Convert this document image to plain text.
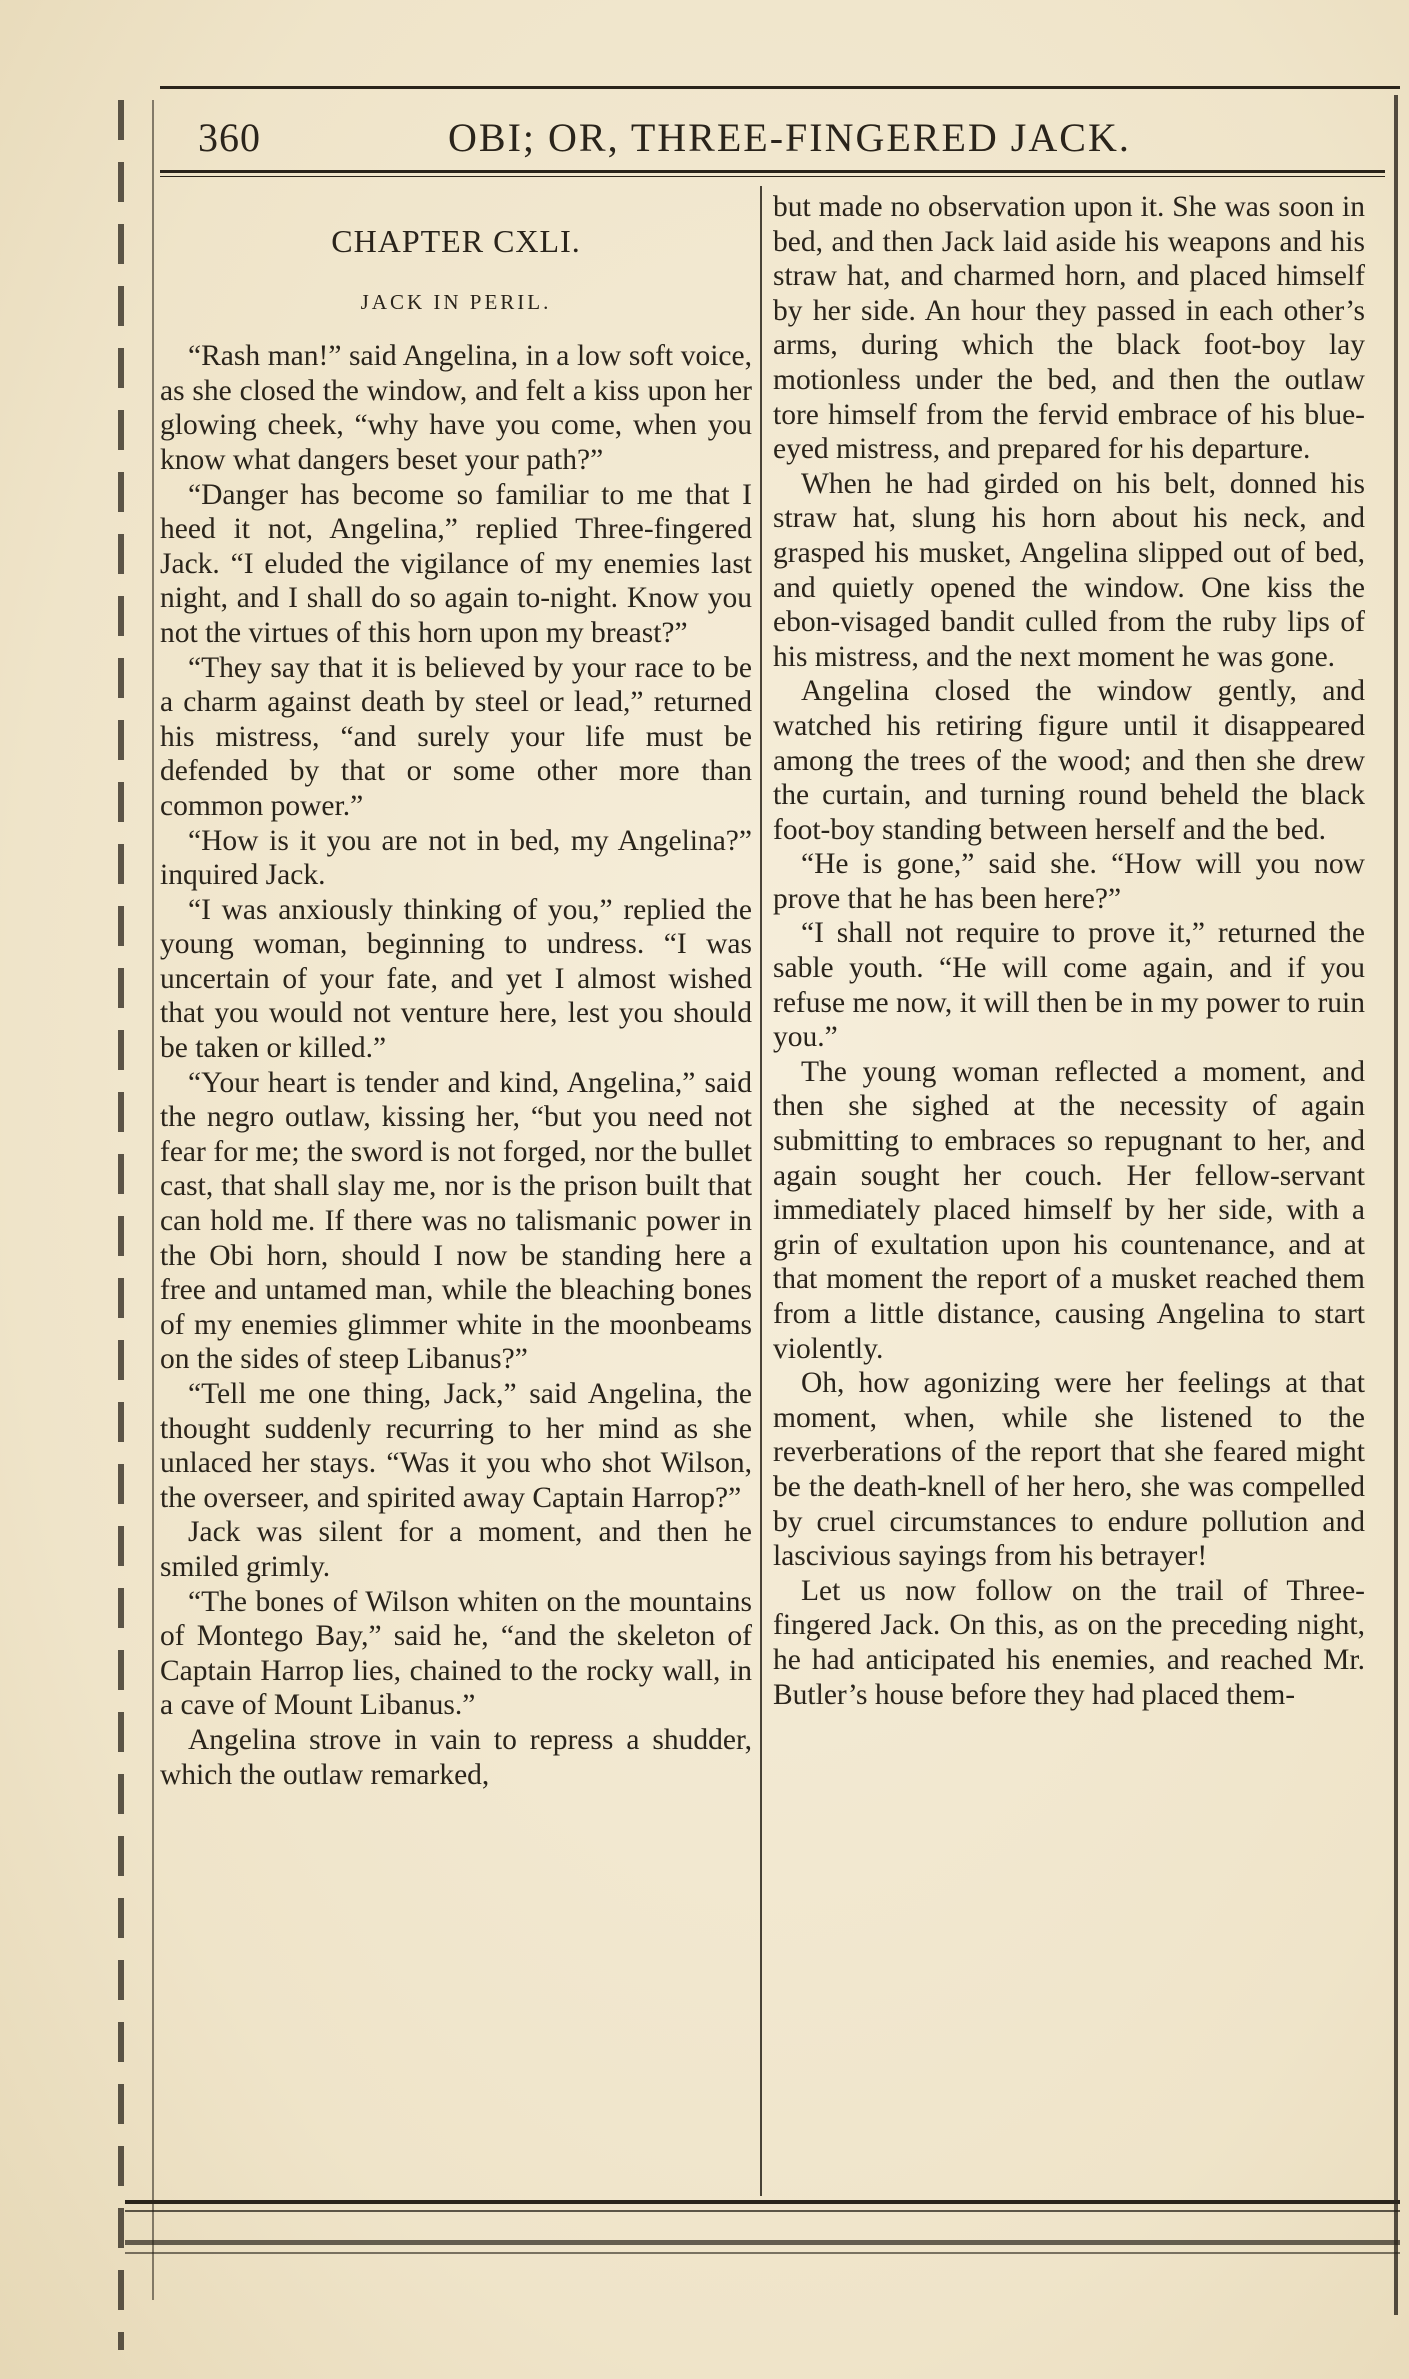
360	OBI; OR, THREE-FINGERED JACK.
CHAPTER CXLI.
JACK IN PERIL.

“Rash man!” said Angelina, in a low soft voice, as she closed the window, and felt a kiss upon her glowing cheek, “why have you come, when you know what dangers beset your path?”

“Danger has become so familiar to me that I heed it not, Angelina,” replied Three-fingered Jack. “I eluded the vigilance of my enemies last night, and I shall do so again to-night. Know you not the virtues of this horn upon my breast?”

“They say that it is believed by your race to be a charm against death by steel or lead,” returned his mistress, “and surely your life must be defended by that or some other more than common power.”

“How is it you are not in bed, my Angelina?” inquired Jack.

“I was anxiously thinking of you,” replied the young woman, beginning to undress. “I was uncertain of your fate, and yet I almost wished that you would not venture here, lest you should be taken or killed.”

“Your heart is tender and kind, Angelina,” said the negro outlaw, kissing her, “but you need not fear for me; the sword is not forged, nor the bullet cast, that shall slay me, nor is the prison built that can hold me. If there was no talismanic power in the Obi horn, should I now be standing here a free and untamed man, while the bleaching bones of my enemies glimmer white in the moonbeams on the sides of steep Libanus?”

“Tell me one thing, Jack,” said Angelina, the thought suddenly recurring to her mind as she unlaced her stays. “Was it you who shot Wilson, the overseer, and spirited away Captain Harrop?”

Jack was silent for a moment, and then he smiled grimly.

“The bones of Wilson whiten on the mountains of Montego Bay,” said he, “and the skeleton of Captain Harrop lies, chained to the rocky wall, in a cave of Mount Libanus.”

Angelina strove in vain to repress a shudder, which the outlaw remarked,

but made no observation upon it. She was soon in bed, and then Jack laid aside his weapons and his straw hat, and charmed horn, and placed himself by her side. An hour they passed in each other’s arms, during which the black foot-boy lay motionless under the bed, and then the outlaw tore himself from the fervid embrace of his blue-eyed mistress, and prepared for his departure.

When he had girded on his belt, donned his straw hat, slung his horn about his neck, and grasped his musket, Angelina slipped out of bed, and quietly opened the window. One kiss the ebon-visaged bandit culled from the ruby lips of his mistress, and the next moment he was gone.

Angelina closed the window gently, and watched his retiring figure until it disappeared among the trees of the wood; and then she drew the curtain, and turning round beheld the black foot-boy standing between herself and the bed.

“He is gone,” said she. “How will you now prove that he has been here?”

“I shall not require to prove it,” returned the sable youth. “He will come again, and if you refuse me now, it will then be in my power to ruin you.”

The young woman reflected a moment, and then she sighed at the necessity of again submitting to embraces so repugnant to her, and again sought her couch. Her fellow-servant immediately placed himself by her side, with a grin of exultation upon his countenance, and at that moment the report of a musket reached them from a little distance, causing Angelina to start violently.

Oh, how agonizing were her feelings at that moment, when, while she listened to the reverberations of the report that she feared might be the death-knell of her hero, she was compelled by cruel circumstances to endure pollution and lascivious sayings from his betrayer!

Let us now follow on the trail of Three-fingered Jack. On this, as on the preceding night, he had anticipated his enemies, and reached Mr. Butler’s house before they had placed them-
